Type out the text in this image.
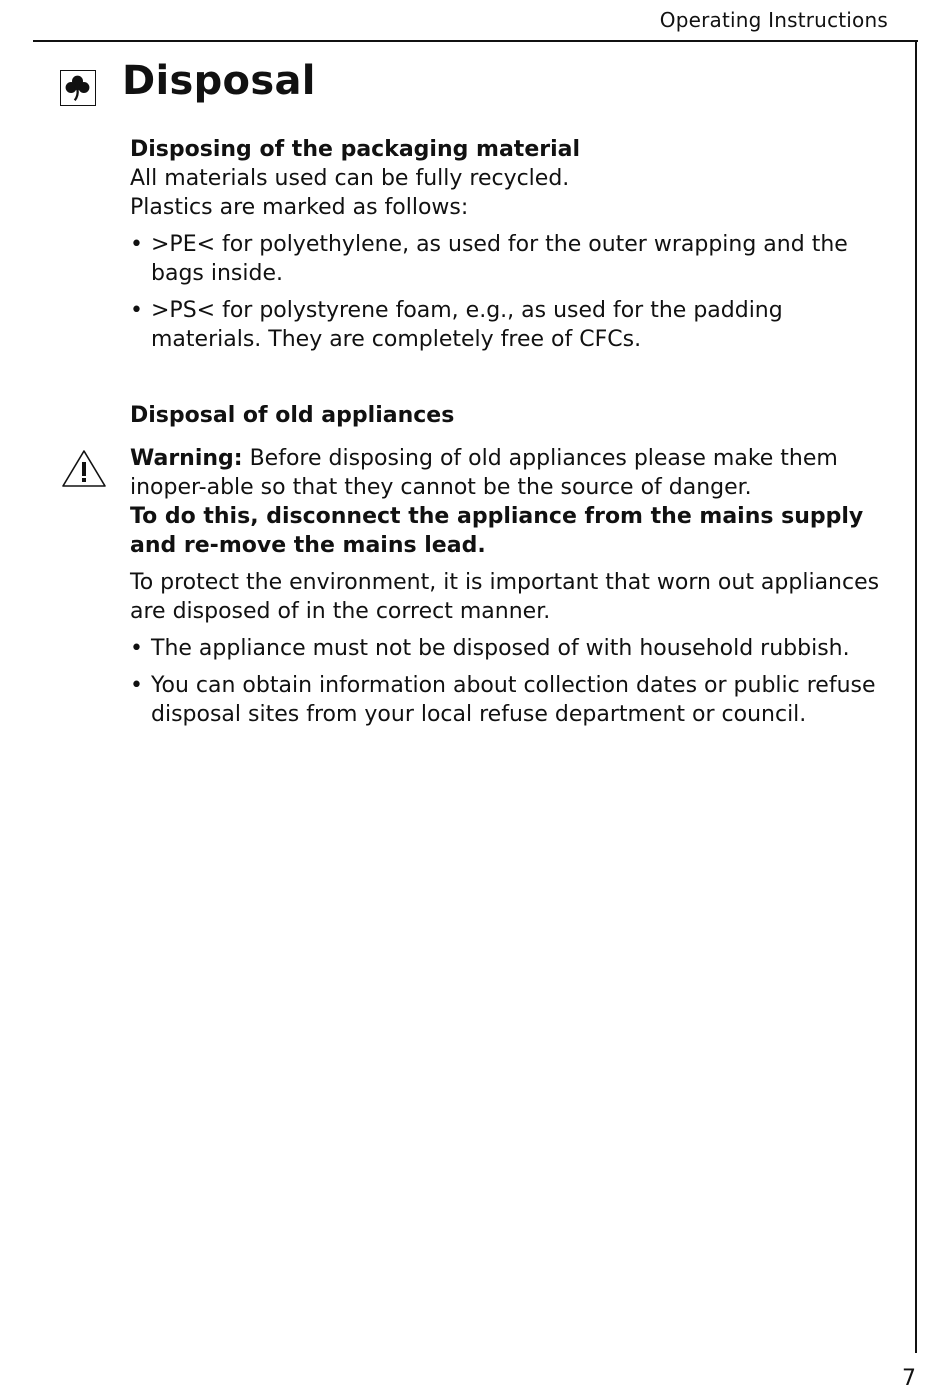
Operating Instructions
Disposal

Disposing of the packaging material

All materials used can be fully recycled.

Plastics are marked as follows:

• >PE< for polyethylene, as used for the outer wrapping and the bags inside.
• >PS< for polystyrene foam, e.g., as used for the padding materials. They are completely free of CFCs.

Disposal of old appliances

Warning: Before disposing of old appliances please make them inoper-able so that they cannot be the source of danger.

To do this, disconnect the appliance from the mains supply and re-move the mains lead.

To protect the environment, it is important that worn out appliances are disposed of in the correct manner.

• The appliance must not be disposed of with household rubbish.
• You can obtain information about collection dates or public refuse disposal sites from your local refuse department or council.
7
